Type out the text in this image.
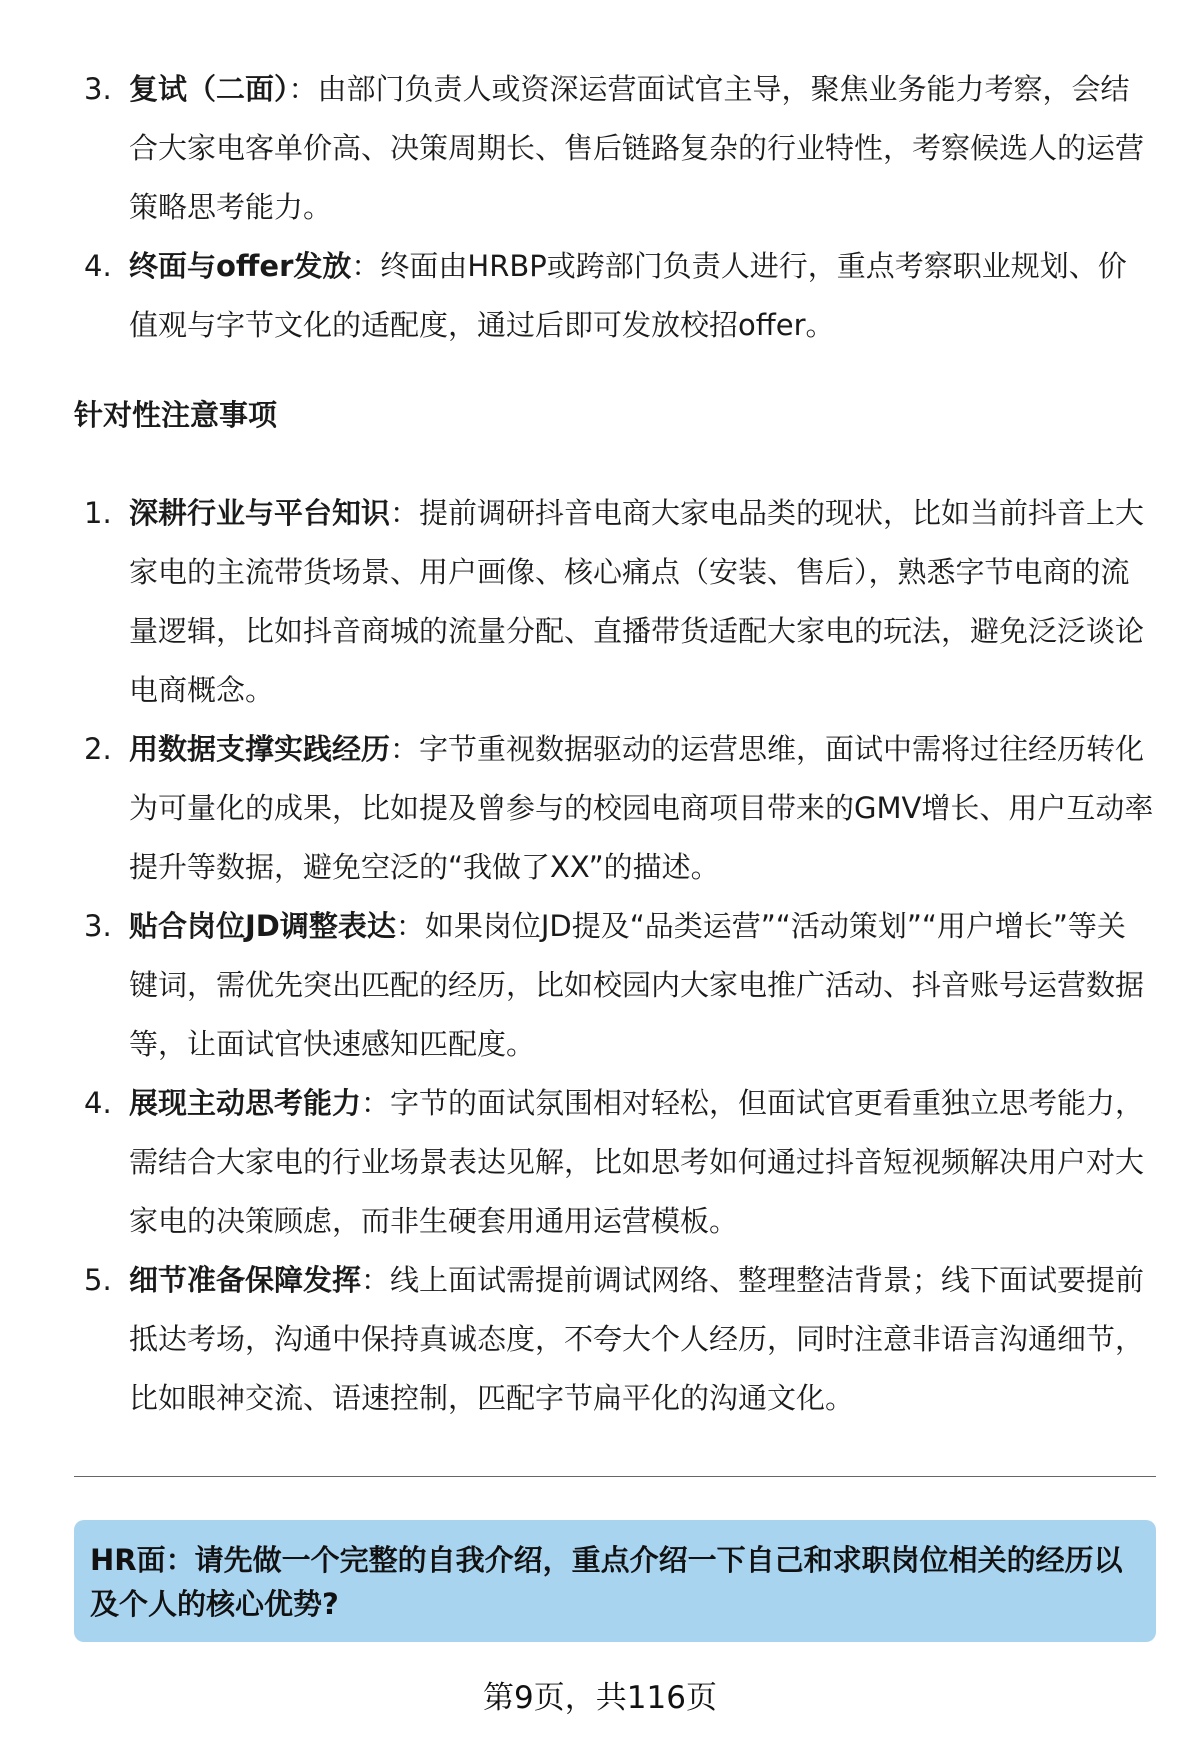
3. 复试（二面）：由部门负责人或资深运营面试官主导，聚焦业务能力考察，会结合大家电客单价高、决策周期长、售后链路复杂的行业特性，考察候选人的运营策略思考能力。
4. 终面与offer发放：终面由HRBP或跨部门负责人进行，重点考察职业规划、价值观与字节文化的适配度，通过后即可发放校招offer。
针对性注意事项
1. 深耕行业与平台知识：提前调研抖音电商大家电品类的现状，比如当前抖音上大家电的主流带货场景、用户画像、核心痛点（安装、售后），熟悉字节电商的流量逻辑，比如抖音商城的流量分配、直播带货适配大家电的玩法，避免泛泛谈论电商概念。
2. 用数据支撑实践经历：字节重视数据驱动的运营思维，面试中需将过往经历转化为可量化的成果，比如提及曾参与的校园电商项目带来的GMV增长、用户互动率提升等数据，避免空泛的“我做了XX”的描述。
3. 贴合岗位JD调整表达：如果岗位JD提及“品类运营”“活动策划”“用户增长”等关键词，需优先突出匹配的经历，比如校园内大家电推广活动、抖音账号运营数据等，让面试官快速感知匹配度。
4. 展现主动思考能力：字节的面试氛围相对轻松，但面试官更看重独立思考能力，需结合大家电的行业场景表达见解，比如思考如何通过抖音短视频解决用户对大家电的决策顾虑，而非生硬套用通用运营模板。
5. 细节准备保障发挥：线上面试需提前调试网络、整理整洁背景；线下面试要提前抵达考场，沟通中保持真诚态度，不夸大个人经历，同时注意非语言沟通细节，比如眼神交流、语速控制，匹配字节扁平化的沟通文化。
HR面：请先做一个完整的自我介绍，重点介绍一下自己和求职岗位相关的经历以及个人的核心优势?
第9页，共116页
